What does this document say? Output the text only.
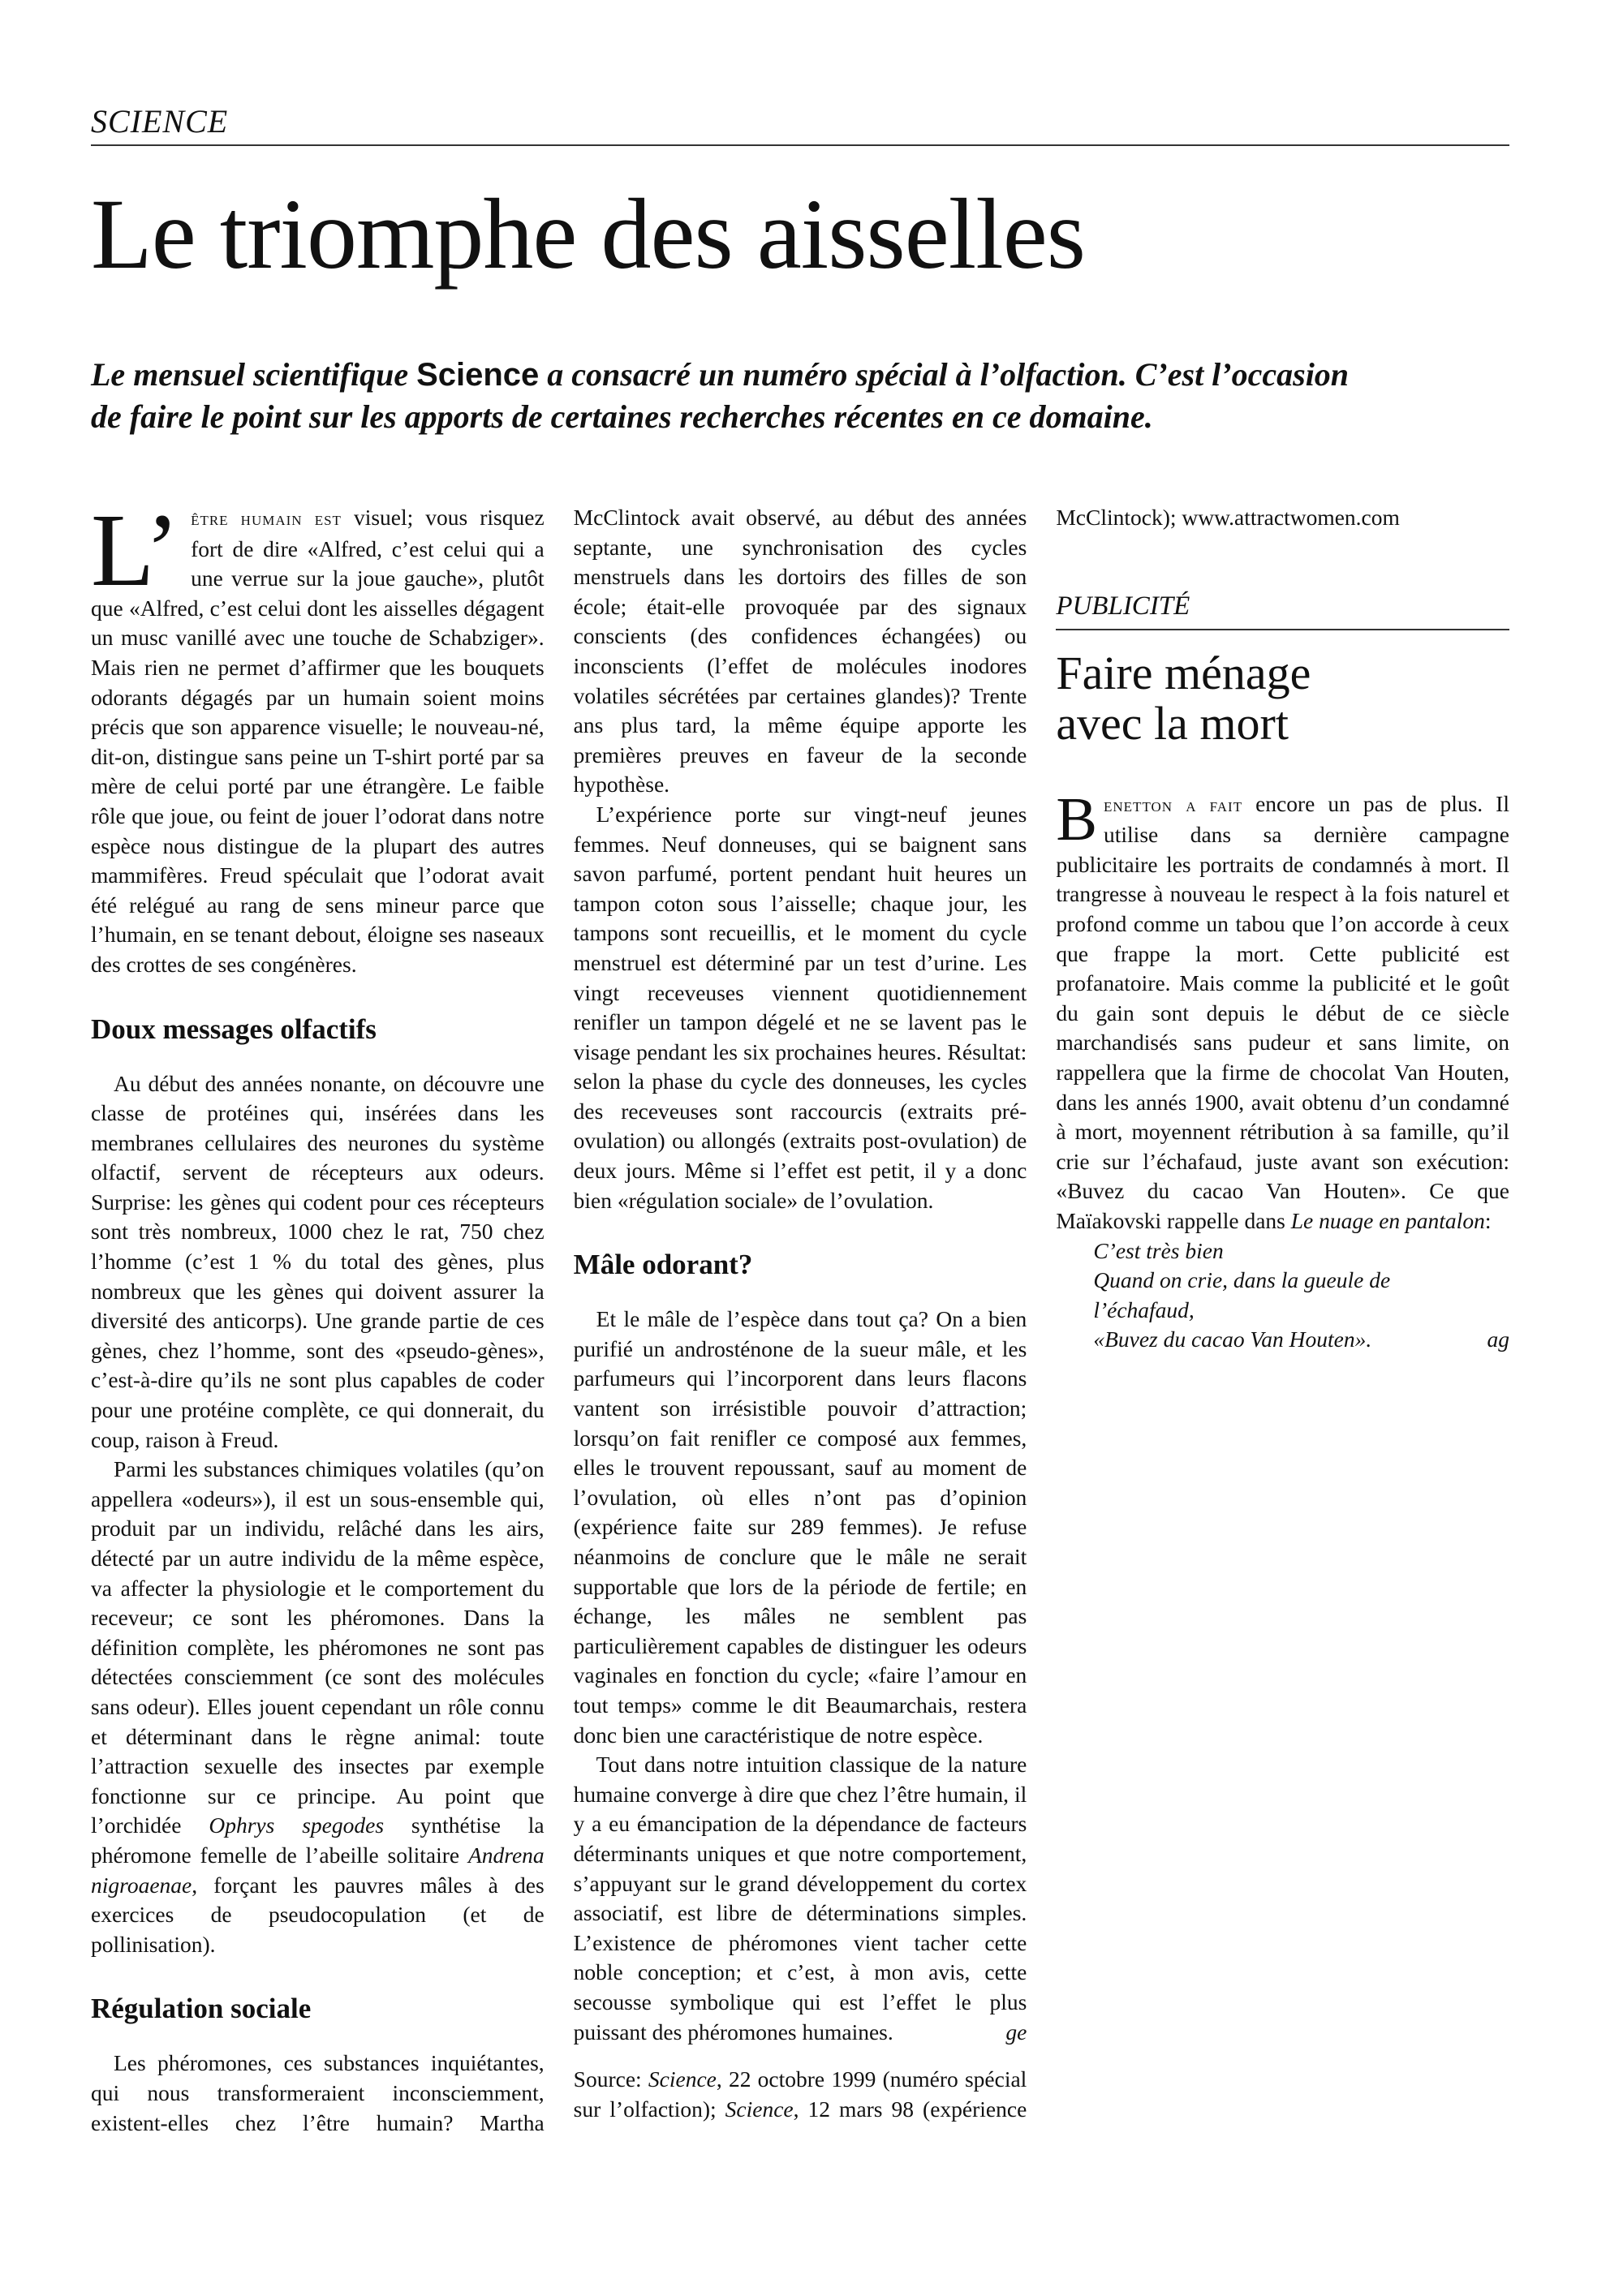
SCIENCE
Le triomphe des aisselles

Le mensuel scientifique Science a consacré un numéro spécial à l’olfaction. C’est l’occasion de faire le point sur les apports de certaines recherches récentes en ce domaine.

L’ être humain est visuel; vous risquez fort de dire «Alfred, c’est celui qui a une verrue sur la joue gauche», plutôt que «Alfred, c’est celui dont les aisselles dégagent un musc vanillé avec une touche de Schabziger». Mais rien ne permet d’affirmer que les bouquets odorants dégagés par un humain soient moins précis que son apparence visuelle; le nouveau-né, dit-on, distingue sans peine un T-shirt porté par sa mère de celui porté par une étrangère. Le faible rôle que joue, ou feint de jouer l’odorat dans notre espèce nous distingue de la plupart des autres mammifères. Freud spéculait que l’odorat avait été relégué au rang de sens mineur parce que l’humain, en se tenant debout, éloigne ses naseaux des crottes de ses congénères.

Doux messages olfactifs

Au début des années nonante, on découvre une classe de protéines qui, insérées dans les membranes cellulaires des neurones du système olfactif, servent de récepteurs aux odeurs. Surprise: les gènes qui codent pour ces récepteurs sont très nombreux, 1000 chez le rat, 750 chez l’homme (c’est 1 % du total des gènes, plus nombreux que les gènes qui doivent assurer la diversité des anticorps). Une grande partie de ces gènes, chez l’homme, sont des «pseudo-gènes», c’est-à-dire qu’ils ne sont plus capables de coder pour une protéine complète, ce qui donnerait, du coup, raison à Freud.

Parmi les substances chimiques volatiles (qu’on appellera «odeurs»), il est un sous-ensemble qui, produit par un individu, relâché dans les airs, détecté par un autre individu de la même espèce, va affecter la physiologie et le comportement du receveur; ce sont les phéromones. Dans la définition complète, les phéromones ne sont pas détectées consciemment (ce sont des molécules sans odeur). Elles jouent cependant un rôle connu et déterminant dans le règne animal: toute l’attraction sexuelle des insectes par exemple fonctionne sur ce principe. Au point que l’orchidée Ophrys spegodes synthétise la phéromone femelle de l’abeille solitaire Andrena nigroaenae, forçant les pauvres mâles à des exercices de pseudocopulation (et de pollinisation).

Régulation sociale

Les phéromones, ces substances inquiétantes, qui nous transformeraient inconsciemment, existent-elles chez l’être humain? Martha McClintock avait observé, au début des années septante, une synchronisation des cycles menstruels dans les dortoirs des filles de son école; était-elle provoquée par des signaux conscients (des confidences échangées) ou inconscients (l’effet de molécules inodores volatiles sécrétées par certaines glandes)? Trente ans plus tard, la même équipe apporte les premières preuves en faveur de la seconde hypothèse.

L’expérience porte sur vingt-neuf jeunes femmes. Neuf donneuses, qui se baignent sans savon parfumé, portent pendant huit heures un tampon coton sous l’aisselle; chaque jour, les tampons sont recueillis, et le moment du cycle menstruel est déterminé par un test d’urine. Les vingt receveuses viennent quotidiennement renifler un tampon dégelé et ne se lavent pas le visage pendant les six prochaines heures. Résultat: selon la phase du cycle des donneuses, les cycles des receveuses sont raccourcis (extraits pré-ovulation) ou allongés (extraits post-ovulation) de deux jours. Même si l’effet est petit, il y a donc bien «régulation sociale» de l’ovulation.

Mâle odorant?

Et le mâle de l’espèce dans tout ça? On a bien purifié un androsténone de la sueur mâle, et les parfumeurs qui l’incorporent dans leurs flacons vantent son irrésistible pouvoir d’attraction; lorsqu’on fait renifler ce composé aux femmes, elles le trouvent repoussant, sauf au moment de l’ovulation, où elles n’ont pas d’opinion (expérience faite sur 289 femmes). Je refuse néanmoins de conclure que le mâle ne serait supportable que lors de la période de fertile; en échange, les mâles ne semblent pas particulièrement capables de distinguer les odeurs vaginales en fonction du cycle; «faire l’amour en tout temps» comme le dit Beaumarchais, restera donc bien une caractéristique de notre espèce.

Tout dans notre intuition classique de la nature humaine converge à dire que chez l’être humain, il y a eu émancipation de la dépendance de facteurs déterminants uniques et que notre comportement, s’appuyant sur le grand développement du cortex associatif, est libre de déterminations simples. L’existence de phéromones vient tacher cette noble conception; et c’est, à mon avis, cette secousse symbolique qui est l’effet le plus puissant des phéromones humaines.	ge

Source: Science, 22 octobre 1999 (numéro spécial sur l’olfaction); Science, 12 mars 98 (expérience McClintock); www.attractwomen.com

PUBLICITÉ
Faire ménage
avec la mort

Benetton a fait encore un pas de plus. Il utilise dans sa dernière campagne publicitaire les portraits de condamnés à mort. Il trangresse à nouveau le respect à la fois naturel et profond comme un tabou que l’on accorde à ceux que frappe la mort. Cette publicité est profanatoire. Mais comme la publicité et le goût du gain sont depuis le début de ce siècle marchandisés sans pudeur et sans limite, on rappellera que la firme de chocolat Van Houten, dans les annés 1900, avait obtenu d’un condamné à mort, moyennent rétribution à sa famille, qu’il crie sur l’échafaud, juste avant son exécution: «Buvez du cacao Van Houten». Ce que Maïakovski rappelle dans Le nuage en pantalon:

C’est très bien
Quand on crie, dans la gueule de
l’échafaud,
«Buvez du cacao Van Houten».	ag
